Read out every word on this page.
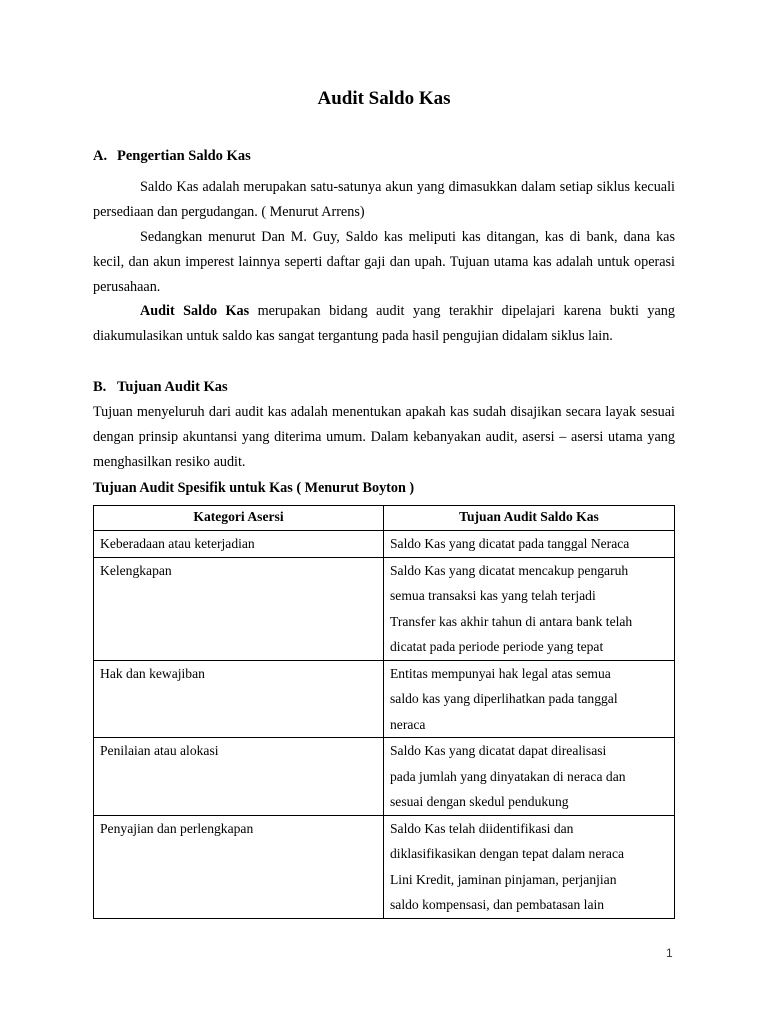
Audit Saldo Kas

A. Pengertian Saldo Kas

Saldo Kas adalah merupakan satu-satunya akun yang dimasukkan dalam setiap siklus kecuali persediaan dan pergudangan. ( Menurut Arrens)

Sedangkan menurut Dan M. Guy, Saldo kas meliputi kas ditangan, kas di bank, dana kas kecil, dan akun imperest lainnya seperti daftar gaji dan upah. Tujuan utama kas adalah untuk operasi perusahaan.

Audit Saldo Kas merupakan bidang audit yang terakhir dipelajari karena bukti yang diakumulasikan untuk saldo kas sangat tergantung pada hasil pengujian didalam siklus lain.

B. Tujuan Audit Kas

Tujuan menyeluruh dari audit kas adalah menentukan apakah kas sudah disajikan secara layak sesuai dengan prinsip akuntansi yang diterima umum. Dalam kebanyakan audit, asersi – asersi utama yang menghasilkan resiko audit.

Tujuan Audit Spesifik untuk Kas ( Menurut Boyton )

Kategori Asersi	Tujuan Audit Saldo Kas
Keberadaan atau keterjadian	Saldo Kas yang dicatat pada tanggal Neraca

Kelengkapan	Saldo Kas yang dicatat mencakup pengaruh
semua transaksi kas yang telah terjadi
Transfer kas akhir tahun di antara bank telah
dicatat pada periode periode yang tepat

Hak dan kewajiban	Entitas mempunyai hak legal atas semua
saldo kas yang diperlihatkan pada tanggal
neraca

Penilaian atau alokasi	Saldo Kas yang dicatat dapat direalisasi
pada jumlah yang dinyatakan di neraca dan
sesuai dengan skedul pendukung

Penyajian dan perlengkapan	Saldo Kas telah diidentifikasi dan
diklasifikasikan dengan tepat dalam neraca
Lini Kredit, jaminan pinjaman, perjanjian
saldo kompensasi, dan pembatasan lain
1
